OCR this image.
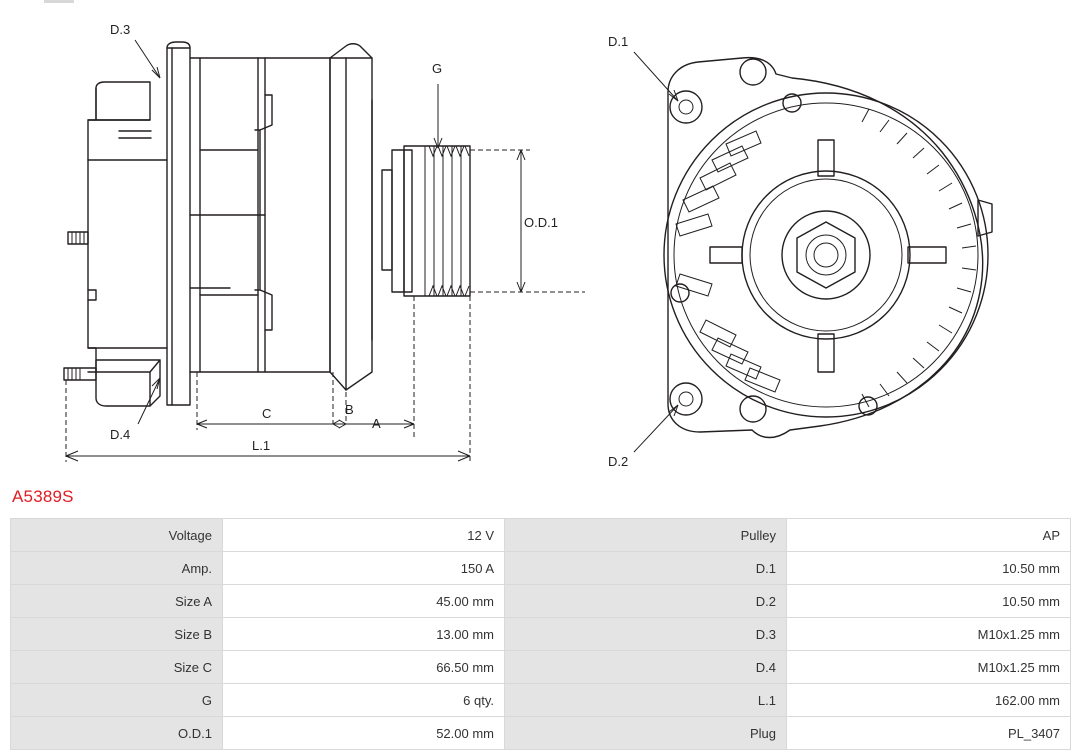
D.3
D.4
G
O.D.1
B
C
A
L.1
D.1
D.2
A5389S
Voltage	12 V	Pulley	AP
Amp.	150 A	D.1	10.50 mm
Size A	45.00 mm	D.2	10.50 mm
Size B	13.00 mm	D.3	M10x1.25 mm
Size C	66.50 mm	D.4	M10x1.25 mm
G	6 qty.	L.1	162.00 mm
O.D.1	52.00 mm	Plug	PL_3407
